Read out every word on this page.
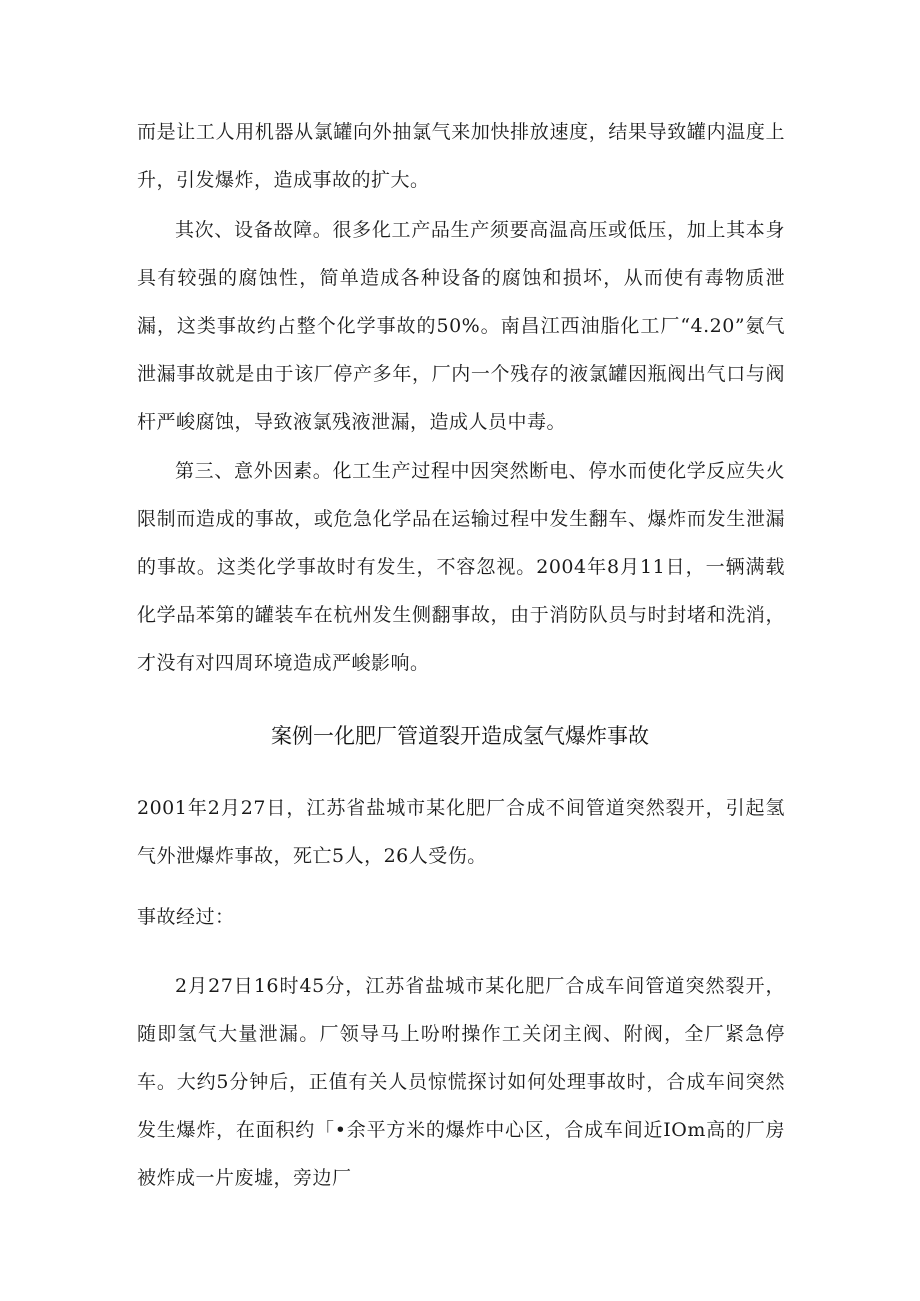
而是让工人用机器从氯罐向外抽氯气来加快排放速度，结果导致罐内温度上升，引发爆炸，造成事故的扩大。

其次、设备故障。很多化工产品生产须要高温高压或低压，加上其本身具有较强的腐蚀性，简单造成各种设备的腐蚀和损坏，从而使有毒物质泄漏，这类事故约占整个化学事故的50%。南昌江西油脂化工厂“4.20”氨气泄漏事故就是由于该厂停产多年，厂内一个残存的液氯罐因瓶阀出气口与阀杆严峻腐蚀，导致液氯残液泄漏，造成人员中毒。

第三、意外因素。化工生产过程中因突然断电、停水而使化学反应失火限制而造成的事故，或危急化学品在运输过程中发生翻车、爆炸而发生泄漏的事故。这类化学事故时有发生，不容忽视。2004年8月11日，一辆满载化学品苯第的罐装车在杭州发生侧翻事故，由于消防队员与时封堵和洗消，才没有对四周环境造成严峻影响。

案例一化肥厂管道裂开造成氢气爆炸事故

2001年2月27日，江苏省盐城市某化肥厂合成不间管道突然裂开，引起氢气外泄爆炸事故，死亡5人，26人受伤。

事故经过：

2月27日16时45分，江苏省盐城市某化肥厂合成车间管道突然裂开，随即氢气大量泄漏。厂领导马上吩咐操作工关闭主阀、附阀，全厂紧急停车。大约5分钟后，正值有关人员惊慌探讨如何处理事故时，合成车间突然发生爆炸，在面积约「•余平方米的爆炸中心区，合成车间近IOm高的厂房被炸成一片废墟，旁边厂
